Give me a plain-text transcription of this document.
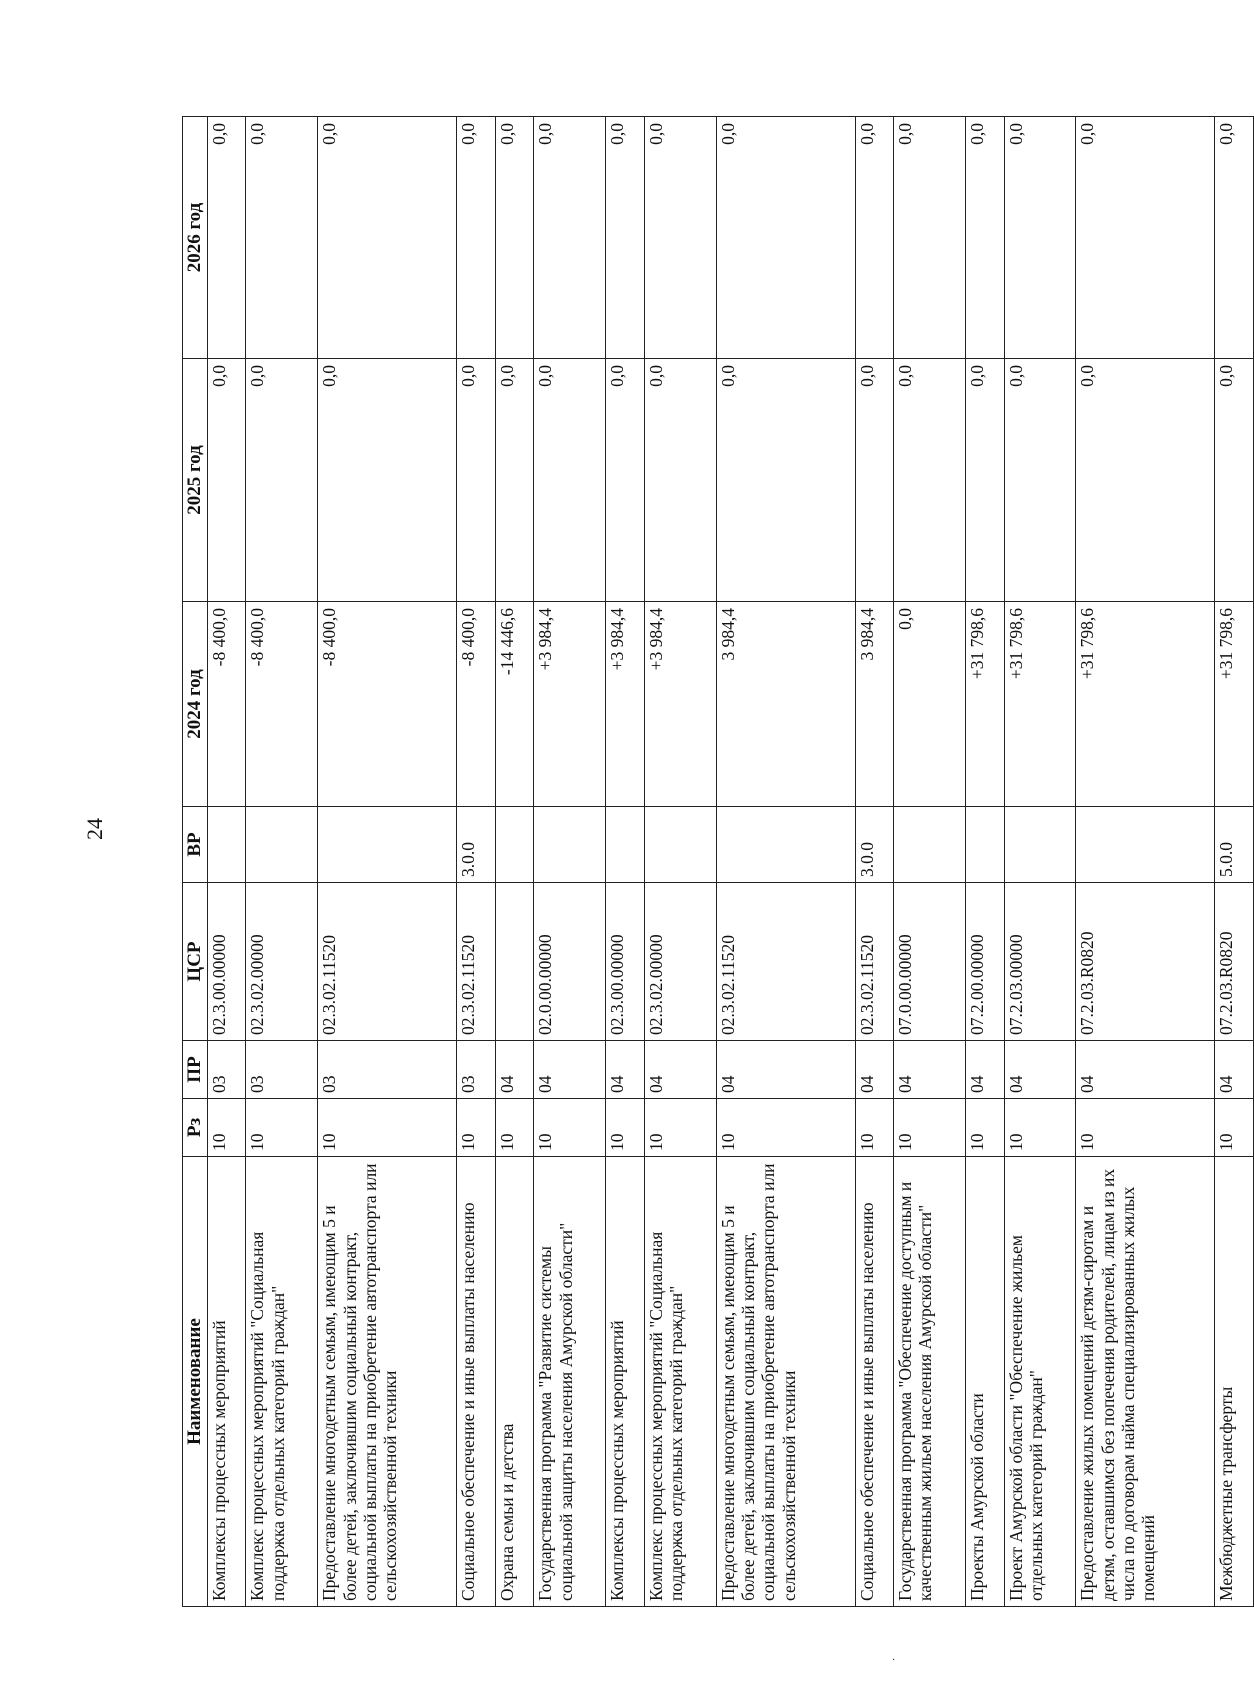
24
Наименование	Рз	ПР	ЦСР	ВР	2024 год	2025 год	2026 год
Комплексы процессных мероприятий	10	03	02.3.00.00000		-8 400,0	0,0	0,0
Комплекс процессных мероприятий "Социальная поддержка отдельных категорий граждан"	10	03	02.3.02.00000		-8 400,0	0,0	0,0
Предоставление многодетным семьям, имеющим 5 и более детей, заключившим социальный контракт, социальной выплаты на приобретение автотранспорта или сельскохозяйственной техники	10	03	02.3.02.11520		-8 400,0	0,0	0,0
Социальное обеспечение и иные выплаты населению	10	03	02.3.02.11520	3.0.0	-8 400,0	0,0	0,0
Охрана семьи и детства	10	04			-14 446,6	0,0	0,0
Государственная программа "Развитие системы социальной защиты населения Амурской области"	10	04	02.0.00.00000		+3 984,4	0,0	0,0
Комплексы процессных мероприятий	10	04	02.3.00.00000		+3 984,4	0,0	0,0
Комплекс процессных мероприятий "Социальная поддержка отдельных категорий граждан"	10	04	02.3.02.00000		+3 984,4	0,0	0,0
Предоставление многодетным семьям, имеющим 5 и более детей, заключившим социальный контракт, социальной выплаты на приобретение автотранспорта или сельскохозяйственной техники	10	04	02.3.02.11520		3 984,4	0,0	0,0
Социальное обеспечение и иные выплаты населению	10	04	02.3.02.11520	3.0.0	3 984,4	0,0	0,0
Государственная программа "Обеспечение доступным и качественным жильем населения Амурской области"	10	04	07.0.00.00000		0,0	0,0	0,0
Проекты Амурской области	10	04	07.2.00.00000		+31 798,6	0,0	0,0
Проект Амурской области "Обеспечение жильем отдельных категорий граждан"	10	04	07.2.03.00000		+31 798,6	0,0	0,0
Предоставление жилых помещений детям-сиротам и детям, оставшимся без попечения родителей, лицам из их числа по договорам найма специализированных жилых помещений	10	04	07.2.03.R0820		+31 798,6	0,0	0,0
Межбюджетные трансферты	10	04	07.2.03.R0820	5.0.0	+31 798,6	0,0	0,0
·
